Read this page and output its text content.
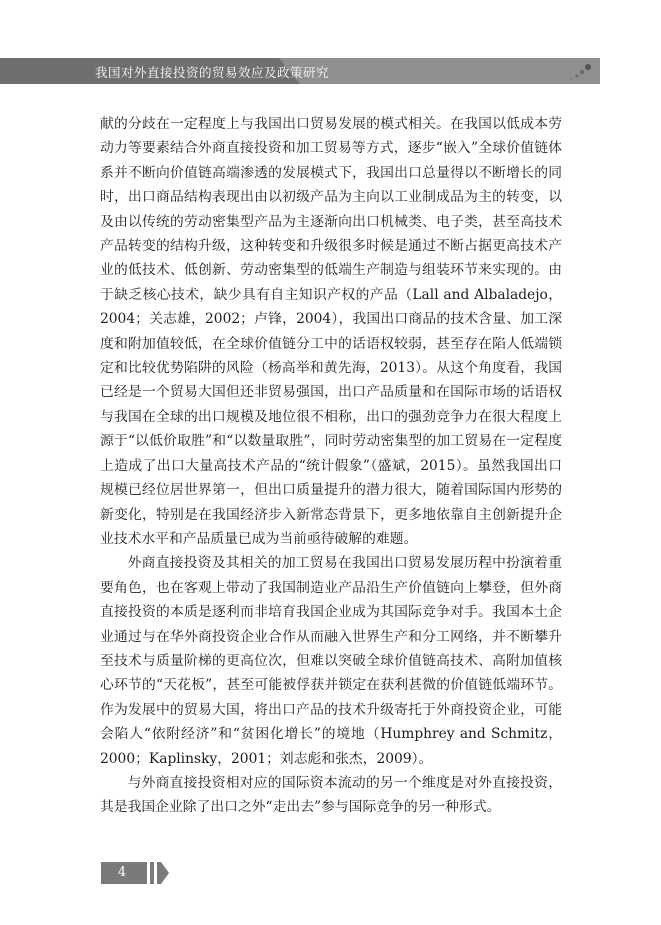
我国对外直接投资的贸易效应及政策研究

献的分歧在一定程度上与我国出口贸易发展的模式相关。在我国以低成本劳动力等要素结合外商直接投资和加工贸易等方式，逐步“嵌入”全球价值链体系并不断向价值链高端渗透的发展模式下，我国出口总量得以不断增长的同时，出口商品结构表现出由以初级产品为主向以工业制成品为主的转变，以及由以传统的劳动密集型产品为主逐渐向出口机械类、电子类，甚至高技术产品转变的结构升级，这种转变和升级很多时候是通过不断占据更高技术产业的低技术、低创新、劳动密集型的低端生产制造与组装环节来实现的。由于缺乏核心技术，缺少具有自主知识产权的产品（Lall and Albaladejo，2004；关志雄，2002；卢锋，2004），我国出口商品的技术含量、加工深度和附加值较低，在全球价值链分工中的话语权较弱，甚至存在陷人低端锁定和比较优势陷阱的风险（杨高举和黄先海，2013）。从这个角度看，我国已经是一个贸易大国但还非贸易强国，出口产品质量和在国际市场的话语权与我国在全球的出口规模及地位很不相称，出口的强劲竞争力在很大程度上源于“以低价取胜”和“以数量取胜”，同时劳动密集型的加工贸易在一定程度上造成了出口大量高技术产品的“统计假象”（盛斌，2015）。虽然我国出口规模已经位居世界第一，但出口质量提升的潜力很大，随着国际国内形势的新变化，特别是在我国经济步入新常态背景下，更多地依靠自主创新提升企业技术水平和产品质量已成为当前亟待破解的难题。

外商直接投资及其相关的加工贸易在我国出口贸易发展历程中扮演着重要角色，也在客观上带动了我国制造业产品沿生产价值链向上攀登，但外商直接投资的本质是逐利而非培育我国企业成为其国际竞争对手。我国本土企业通过与在华外商投资企业合作从而融入世界生产和分工网络，并不断攀升至技术与质量阶梯的更高位次，但难以突破全球价值链高技术、高附加值核心环节的“天花板”，甚至可能被俘获并锁定在获利甚微的价值链低端环节。作为发展中的贸易大国，将出口产品的技术升级寄托于外商投资企业，可能会陷人“依附经济”和“贫困化增长”的境地（Humphrey and Schmitz，2000；Kaplinsky，2001；刘志彪和张杰，2009）。

与外商直接投资相对应的国际资本流动的另一个维度是对外直接投资，其是我国企业除了出口之外“走出去”参与国际竞争的另一种形式。

4
